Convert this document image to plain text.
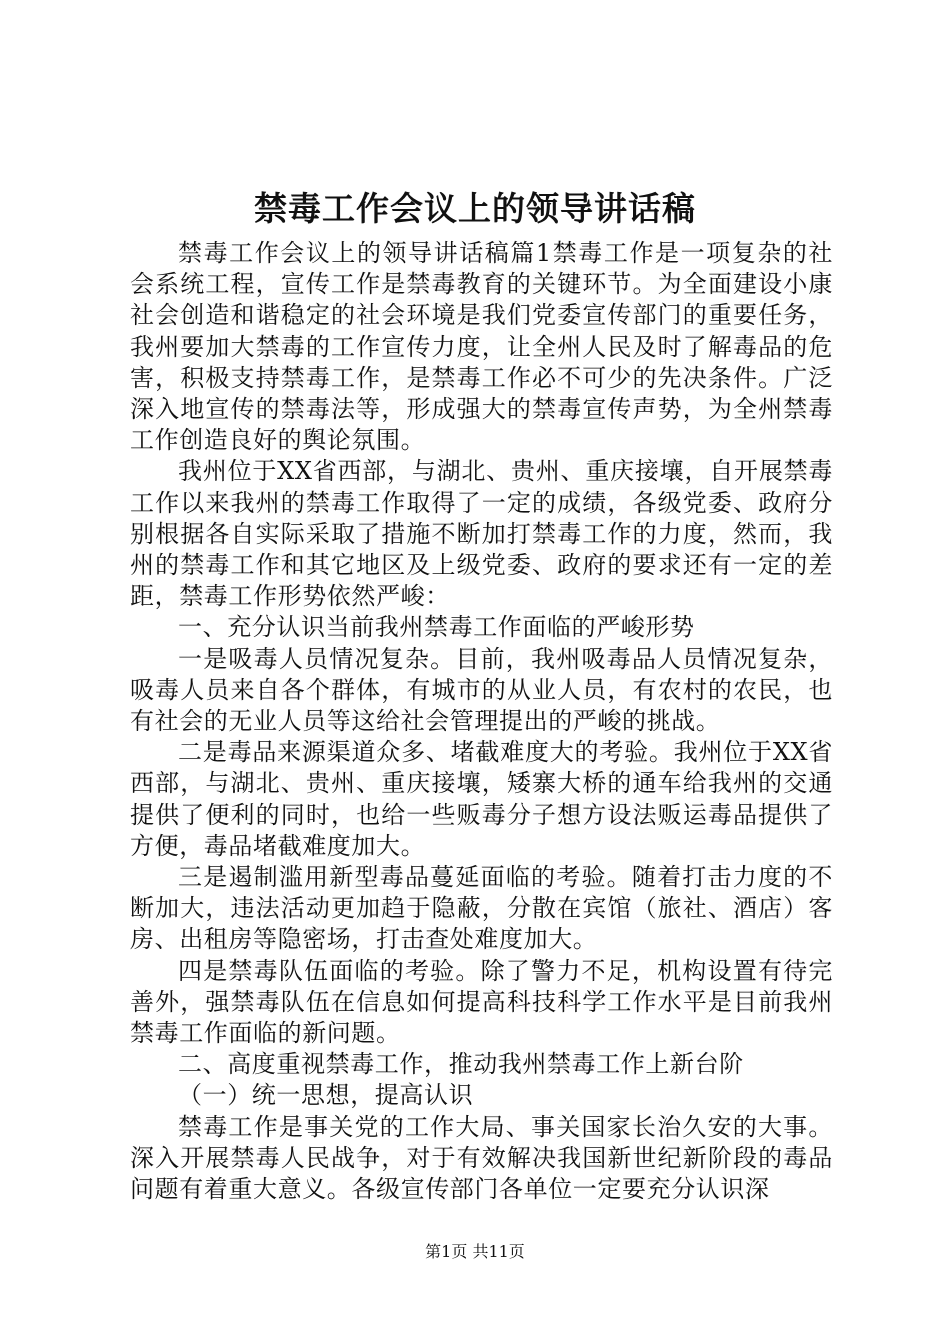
禁毒工作会议上的领导讲话稿

禁毒工作会议上的领导讲话稿篇1禁毒工作是一项复杂的社会系统工程，宣传工作是禁毒教育的关键环节。为全面建设小康社会创造和谐稳定的社会环境是我们党委宣传部门的重要任务，我州要加大禁毒的工作宣传力度，让全州人民及时了解毒品的危害，积极支持禁毒工作，是禁毒工作必不可少的先决条件。广泛深入地宣传的禁毒法等，形成强大的禁毒宣传声势，为全州禁毒工作创造良好的舆论氛围。

我州位于XX省西部，与湖北、贵州、重庆接壤，自开展禁毒工作以来我州的禁毒工作取得了一定的成绩，各级党委、政府分别根据各自实际采取了措施不断加打禁毒工作的力度，然而，我州的禁毒工作和其它地区及上级党委、政府的要求还有一定的差距，禁毒工作形势依然严峻：

一、充分认识当前我州禁毒工作面临的严峻形势

一是吸毒人员情况复杂。目前，我州吸毒品人员情况复杂，吸毒人员来自各个群体，有城市的从业人员，有农村的农民，也有社会的无业人员等这给社会管理提出的严峻的挑战。

二是毒品来源渠道众多、堵截难度大的考验。我州位于XX省西部，与湖北、贵州、重庆接壤，矮寨大桥的通车给我州的交通提供了便利的同时，也给一些贩毒分子想方设法贩运毒品提供了方便，毒品堵截难度加大。

三是遏制滥用新型毒品蔓延面临的考验。随着打击力度的不断加大，违法活动更加趋于隐蔽，分散在宾馆（旅社、酒店）客房、出租房等隐密场，打击查处难度加大。

四是禁毒队伍面临的考验。除了警力不足，机构设置有待完善外，强禁毒队伍在信息如何提高科技科学工作水平是目前我州禁毒工作面临的新问题。

二、高度重视禁毒工作，推动我州禁毒工作上新台阶

（一）统一思想，提高认识

禁毒工作是事关党的工作大局、事关国家长治久安的大事。深入开展禁毒人民战争，对于有效解决我国新世纪新阶段的毒品问题有着重大意义。各级宣传部门各单位一定要充分认识深

第1页 共11页
